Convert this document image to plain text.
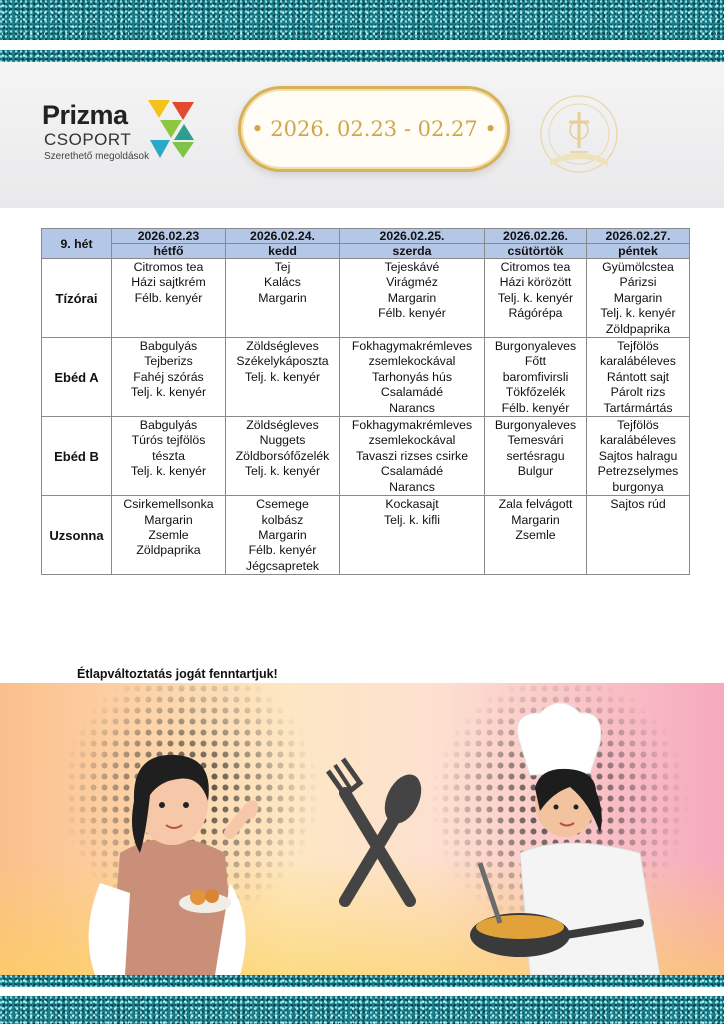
Prizma
CSOPORT
Szerethető megoldások
• 2026. 02.23 - 02.27 •
9. hét	2026.02.23	2026.02.24.	2026.02.25.	2026.02.26.	2026.02.27.
	hétfő	kedd	szerda	csütörtök	péntek
Tízórai	Citromos tea
Házi sajtkrém
Félb. kenyér	Tej
Kalács
Margarin	Tejeskávé
Virágméz
Margarin
Félb. kenyér	Citromos tea
Házi körözött
Telj. k. kenyér
Rágórépa	Gyümölcstea
Párizsi
Margarin
Telj. k. kenyér
Zöldpaprika

Ebéd A	Babgulyás
Tejberizs
Fahéj szórás
Telj. k. kenyér	Zöldségleves
Székelykáposzta
Telj. k. kenyér	Fokhagymakrémleves
zsemlekockával
Tarhonyás hús
Csalamádé
Narancs	Burgonyaleves
Főtt
baromfivirsli
Tökfőzelék
Félb. kenyér	Tejfölös
karalábéleves
Rántott sajt
Párolt rizs
Tartármártás

Ebéd B	Babgulyás
Túrós tejfölös
tészta
Telj. k. kenyér	Zöldségleves
Nuggets
Zöldborsófőzelék
Telj. k. kenyér	Fokhagymakrémleves
zsemlekockával
Tavaszi rizses csirke
Csalamádé
Narancs	Burgonyaleves
Temesvári
sertésragu
Bulgur	Tejfölös
karalábéleves
Sajtos halragu
Petrezselymes
burgonya

Uzsonna	Csirkemellsonka
Margarin
Zsemle
Zöldpaprika	Csemege
kolbász
Margarin
Félb. kenyér
Jégcsapretek	Kockasajt
Telj. k. kifli	Zala felvágott
Margarin
Zsemle	Sajtos rúd
Étlapváltoztatás jogát fenntartjuk!
